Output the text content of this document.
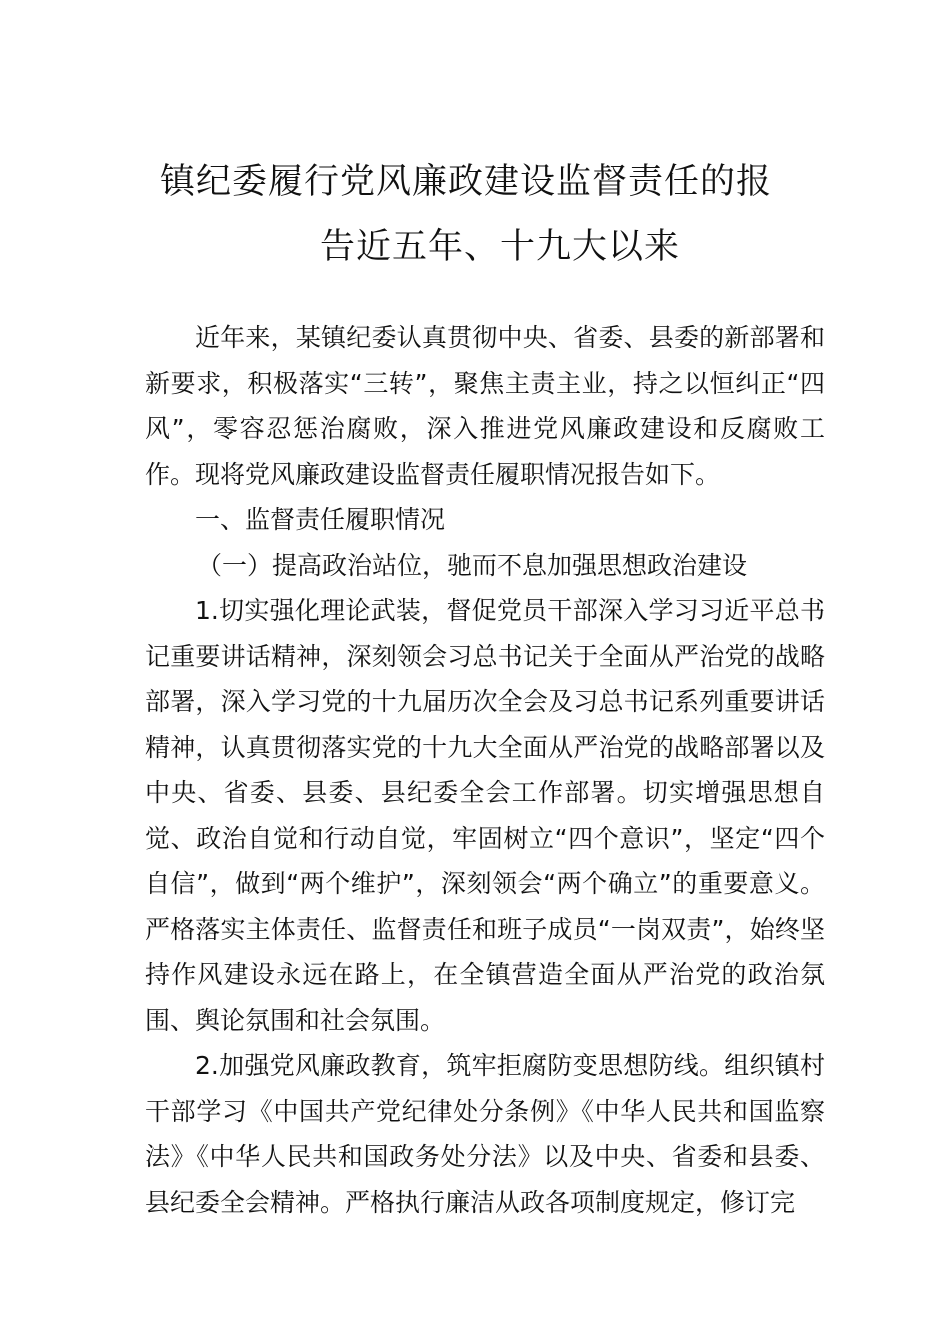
镇纪委履行党风廉政建设监督责任的报
告近五年、十九大以来

近年来，某镇纪委认真贯彻中央、省委、县委的新部署和新要求，积极落实“三转”，聚焦主责主业，持之以恒纠正“四风”，零容忍惩治腐败，深入推进党风廉政建设和反腐败工作。现将党风廉政建设监督责任履职情况报告如下。

一、监督责任履职情况

（一）提高政治站位，驰而不息加强思想政治建设

1.切实强化理论武装，督促党员干部深入学习习近平总书记重要讲话精神，深刻领会习总书记关于全面从严治党的战略部署，深入学习党的十九届历次全会及习总书记系列重要讲话精神，认真贯彻落实党的十九大全面从严治党的战略部署以及中央、省委、县委、县纪委全会工作部署。切实增强思想自觉、政治自觉和行动自觉，牢固树立“四个意识”，坚定“四个自信”，做到“两个维护”，深刻领会“两个确立”的重要意义。严格落实主体责任、监督责任和班子成员“一岗双责”，始终坚持作风建设永远在路上，在全镇营造全面从严治党的政治氛围、舆论氛围和社会氛围。

2.加强党风廉政教育，筑牢拒腐防变思想防线。组织镇村干部学习《中国共产党纪律处分条例》《中华人民共和国监察法》《中华人民共和国政务处分法》以及中央、省委和县委、县纪委全会精神。严格执行廉洁从政各项制度规定，修订完
